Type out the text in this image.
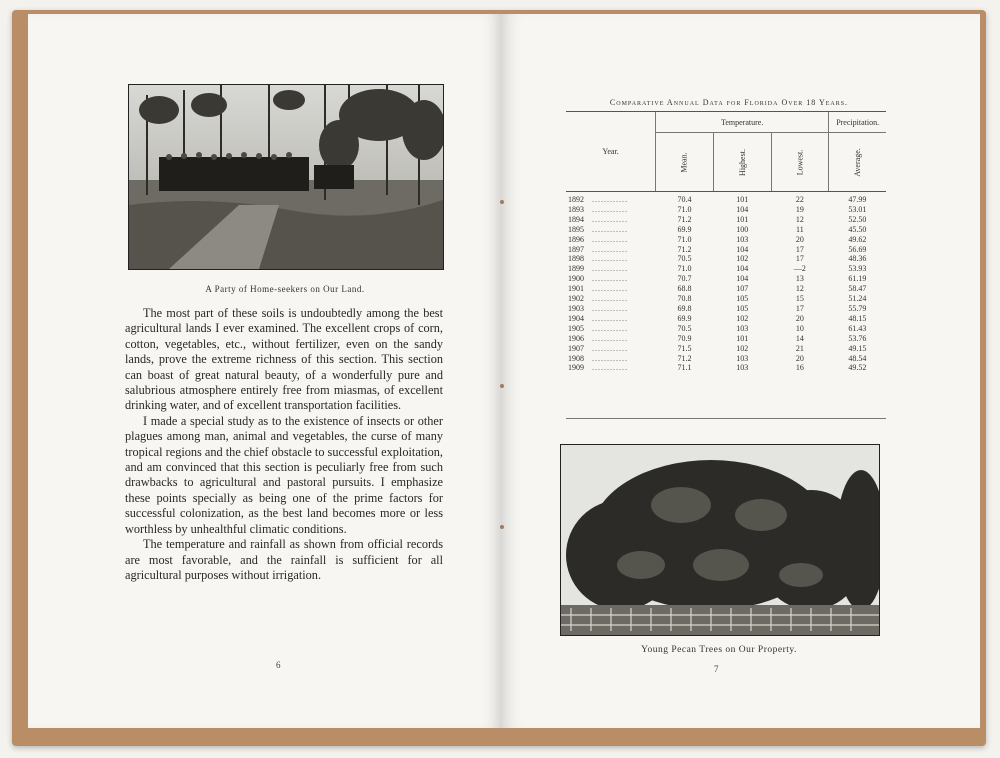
A Party of Home-seekers on Our Land.

The most part of these soils is undoubtedly among the best agricultural lands I ever examined. The excellent crops of corn, cotton, vegetables, etc., without fertilizer, even on the sandy lands, prove the extreme richness of this section. This section can boast of great natural beauty, of a wonderfully pure and salubrious atmosphere entirely free from miasmas, of excellent drinking water, and of excellent transportation facilities.

I made a special study as to the existence of insects or other plagues among man, animal and vegetables, the curse of many tropical regions and the chief obstacle to successful exploitation, and am convinced that this section is peculiarly free from such drawbacks to agricultural and pastoral pursuits. I emphasize these points specially as being one of the prime factors for successful colonization, as the best land becomes more or less worthless by unhealthful climatic conditions.

The temperature and rainfall as shown from official records are most favorable, and the rainfall is sufficient for all agricultural purposes without irrigation.

6
Comparative Annual Data for Florida Over 18 Years.
Year.	Temperature.			Precipitation.
	Mean.	Highest.	Lowest.	Average.
1892 ............	70.4	101	22	47.99
1893 ............	71.0	104	19	53.01
1894 ............	71.2	101	12	52.50
1895 ............	69.9	100	11	45.50
1896 ............	71.0	103	20	49.62
1897 ............	71.2	104	17	56.69
1898 ............	70.5	102	17	48.36
1899 ............	71.0	104	—2	53.93
1900 ............	70.7	104	13	61.19
1901 ............	68.8	107	12	58.47
1902 ............	70.8	105	15	51.24
1903 ............	69.8	105	17	55.79
1904 ............	69.9	102	20	48.15
1905 ............	70.5	103	10	61.43
1906 ............	70.9	101	14	53.76
1907 ............	71.5	102	21	49.15
1908 ............	71.2	103	20	48.54
1909 ............	71.1	103	16	49.52
Young Pecan Trees on Our Property.
7
